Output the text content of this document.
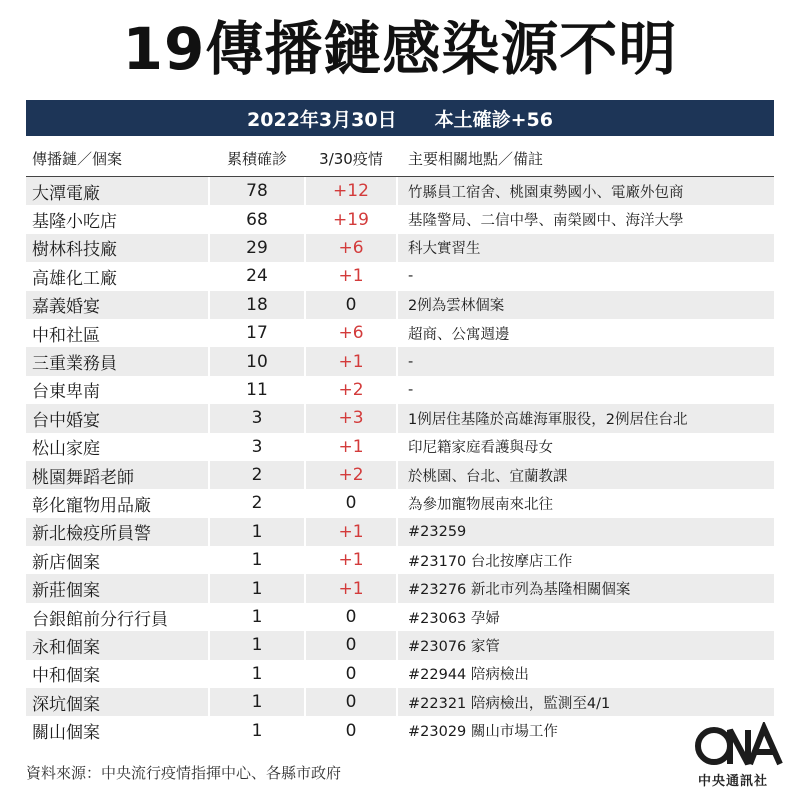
19傳播鏈感染源不明
2022年3月30日 本土確診+56
傳播鏈／個案	累積確診	3/30疫情	主要相關地點／備註
大潭電廠	78	+12	竹縣員工宿舍、桃園東勢國小、電廠外包商
基隆小吃店	68	+19	基隆警局、二信中學、南榮國中、海洋大學
樹林科技廠	29	+6	科大實習生
高雄化工廠	24	+1	-
嘉義婚宴	18	0	2例為雲林個案
中和社區	17	+6	超商、公寓週邊
三重業務員	10	+1	-
台東卑南	11	+2	-
台中婚宴	3	+3	1例居住基隆於高雄海軍服役，2例居住台北
松山家庭	3	+1	印尼籍家庭看護與母女
桃園舞蹈老師	2	+2	於桃園、台北、宜蘭教課
彰化寵物用品廠	2	0	為參加寵物展南來北往
新北檢疫所員警	1	+1	#23259
新店個案	1	+1	#23170 台北按摩店工作
新莊個案	1	+1	#23276 新北市列為基隆相關個案
台銀館前分行行員	1	0	#23063 孕婦
永和個案	1	0	#23076 家管
中和個案	1	0	#22944 陪病檢出
深坑個案	1	0	#22321 陪病檢出，監測至4/1
關山個案	1	0	#23029 關山市場工作
資料來源：中央流行疫情指揮中心、各縣市政府	中央通訊社
